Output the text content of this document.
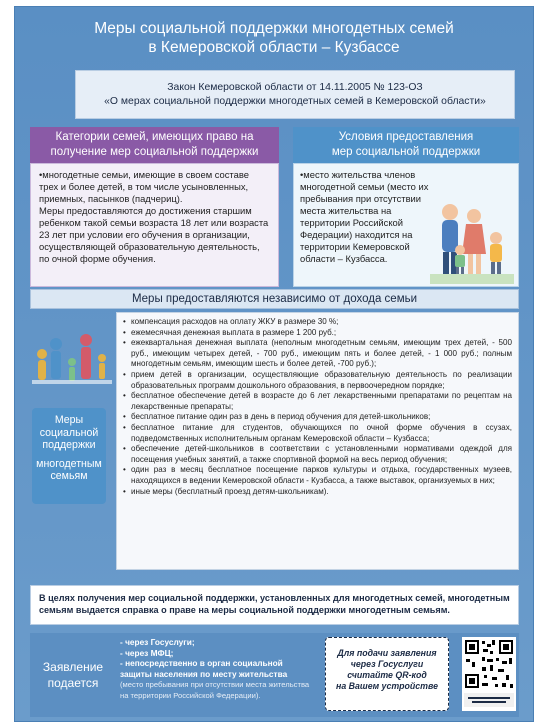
Меры социальной поддержки многодетных семей
в Кемеровской области – Кузбассе
Закон Кемеровской области от 14.11.2005 № 123-ОЗ
«О мерах социальной поддержки многодетных семей в Кемеровской области»
Категории семей, имеющих право на
получение мер социальной поддержки

•многодетные семьи, имеющие в своем составе трех и более детей, в том числе усыновленных, приемных, пасынков (падчериц).

Меры предоставляются до достижения старшим ребенком такой семьи возраста 18 лет или возраста 23 лет при условии его обучения в организации, осуществляющей образовательную деятельность, по очной форме обучения.

Условия предоставления
мер социальной поддержки

•место жительства членов многодетной семьи (место их пребывания при отсутствии места жительства на территории Российской Федерации) находится на территории Кемеровской области – Кузбасса.

Меры предоставляются независимо от дохода семьи
Меры
социальной
поддержки
многодетным
семьям
• компенсация расходов на оплату ЖКУ в размере 30 %;
• ежемесячная денежная выплата в размере 1 200 руб.;
• ежеквартальная денежная выплата (неполным многодетным семьям, имеющим трех детей, - 500 руб., имеющим четырех детей, - 700 руб., имеющим пять и более детей, - 1 000 руб.; полным многодетным семьям, имеющим шесть и более детей, -700 руб.);
• прием детей в организации, осуществляющие образовательную деятельность по реализации образовательных программ дошкольного образования, в первоочередном порядке;
• бесплатное обеспечение детей в возрасте до 6 лет лекарственными препаратами по рецептам на лекарственные препараты;
• бесплатное питание один раз в день в период обучения для детей-школьников;
• бесплатное питание для студентов, обучающихся по очной форме обучения в ссузах, подведомственных исполнительным органам Кемеровской области – Кузбасса;
• обеспечение детей-школьников в соответствии с установленными нормативами одеждой для посещения учебных занятий, а также спортивной формой на весь период обучения;
• один раз в месяц бесплатное посещение парков культуры и отдыха, государственных музеев, находящихся в ведении Кемеровской области - Кузбасса, а также выставок, организуемых в них;
• иные меры (бесплатный проезд детям-школьникам).
В целях получения мер социальной поддержки, установленных для многодетных семей, многодетным семьям выдается справка о праве на меры социальной поддержки многодетным семьям.
Заявление
подается
- через Госуслуги;
- через МФЦ;
- непосредственно в орган социальной защиты населения по месту жительства (место пребывания при отсутствии места жительства на территории Российской Федерации).
Для подачи заявления
через Госуслуги
считайте QR-код
на Вашем устройстве
